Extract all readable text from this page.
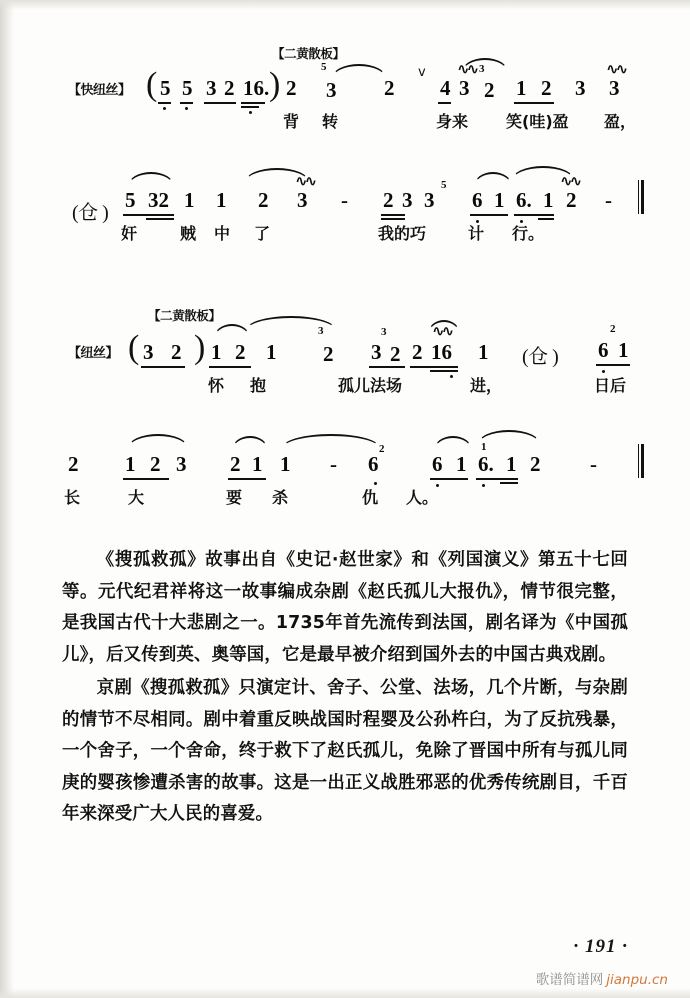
【二黄散板】
【快纽丝】 (	)
5 5 3 2 16. 2
5
3 2
v
4
∿∿
3
3
2 1 2 3
∿∿
3
背 转	身来 笑(哇)盈 盈，
(仓 )
5 32 1 1 2
∿∿
3 - 2 3
5
3 6 1 6. 1
∿∿
2 -
奸	贼 中 了	我的巧	计 行。
【二黄散板】
【纽丝】 ( )
3 2 1 2 1
3
2
3
3 2 2 16
∿∿
1 (仓 )
2
6 1
怀 抱	孤儿法场	进，	日后
2 1 2 3 2 1 1 -
2
6	6 1
1
6. 1 2 -
长	大	要 杀	仇 人。

《搜孤救孤》故事出自《史记·赵世家》和《列国演义》第五十七回等。元代纪君祥将这一故事编成杂剧《赵氏孤儿大报仇》，情节很完整，是我国古代十大悲剧之一。1735年首先流传到法国，剧名译为《中国孤儿》，后又传到英、奥等国，它是最早被介绍到国外去的中国古典戏剧。

京剧《搜孤救孤》只演定计、舍子、公堂、法场，几个片断，与杂剧的情节不尽相同。剧中着重反映战国时程婴及公孙杵臼，为了反抗残暴，一个舍子，一个舍命，终于救下了赵氏孤儿，免除了晋国中所有与孤儿同庚的婴孩惨遭杀害的故事。这是一出正义战胜邪恶的优秀传统剧目，千百年来深受广大人民的喜爱。

· 191 ·
歌谱简谱网 jianpu.cn
